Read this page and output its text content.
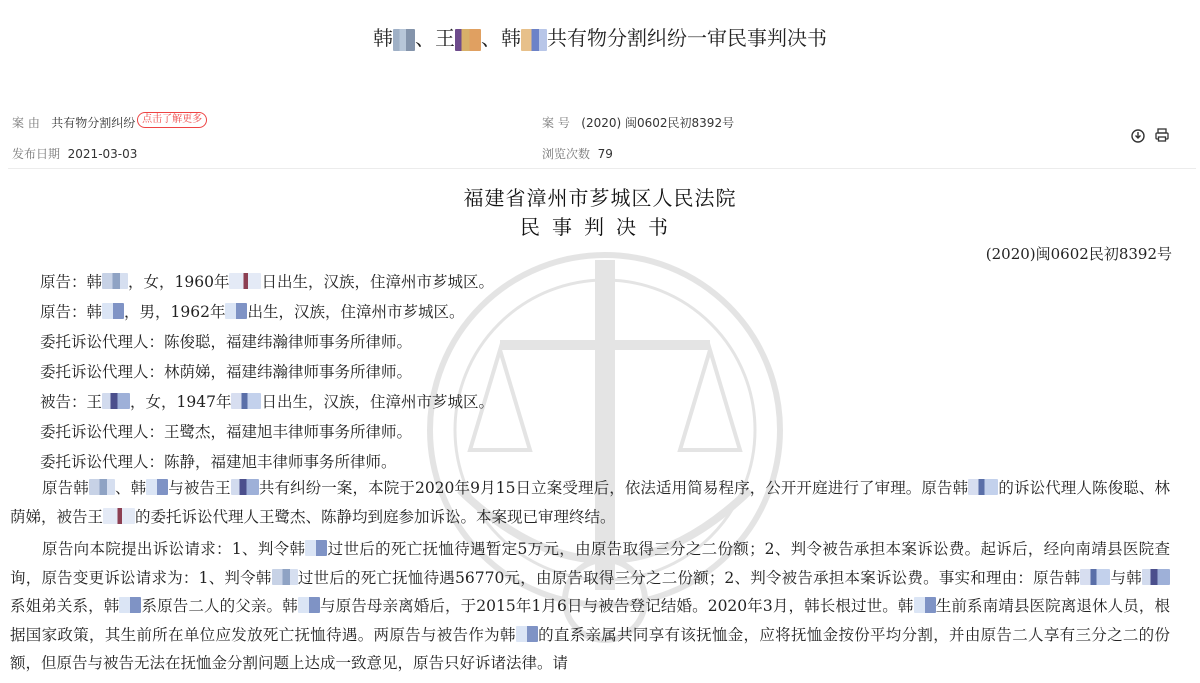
韩 、王 、韩 共有物分割纠纷一审民事判决书
案 由 共有物分割纠纷 点击了解更多	案 号 (2020) 闽0602民初8392号
发布日期 2021-03-03	浏览次数 79
福建省漳州市芗城区人民法院
民事判决书
(2020)闽0602民初8392号
原告：韩 ，女，1960年 日出生，汉族，住漳州市芗城区。
原告：韩 ，男，1962年 出生，汉族，住漳州市芗城区。
委托诉讼代理人：陈俊聪，福建纬瀚律师事务所律师。
委托诉讼代理人：林荫娣，福建纬瀚律师事务所律师。
被告：王 ，女，1947年 日出生，汉族，住漳州市芗城区。
委托诉讼代理人：王鹭杰，福建旭丰律师事务所律师。
委托诉讼代理人：陈静，福建旭丰律师事务所律师。

原告韩 、韩 与被告王 共有纠纷一案，本院于2020年9月15日立案受理后，依法适用简易程序，公开开庭进行了审理。原告韩 的诉讼代理人陈俊聪、林荫娣，被告王 的委托诉讼代理人王鹭杰、陈静均到庭参加诉讼。本案现已审理终结。

原告向本院提出诉讼请求：1、判令韩 过世后的死亡抚恤待遇暂定5万元，由原告取得三分之二份额；2、判令被告承担本案诉讼费。起诉后，经向南靖县医院查询，原告变更诉讼请求为：1、判令韩 过世后的死亡抚恤待遇56770元，由原告取得三分之二份额；2、判令被告承担本案诉讼费。事实和理由：原告韩 与韩系姐弟关系，韩 系原告二人的父亲。韩 与原告母亲离婚后，于2015年1月6日与被告登记结婚。2020年3月，韩长根过世。韩 生前系南靖县医院离退休人员，根据国家政策，其生前所在单位应发放死亡抚恤待遇。两原告与被告作为韩 的直系亲属共同享有该抚恤金，应将抚恤金按份平均分割，并由原告二人享有三分之二的份额，但原告与被告无法在抚恤金分割问题上达成一致意见，原告只好诉诸法律。请
